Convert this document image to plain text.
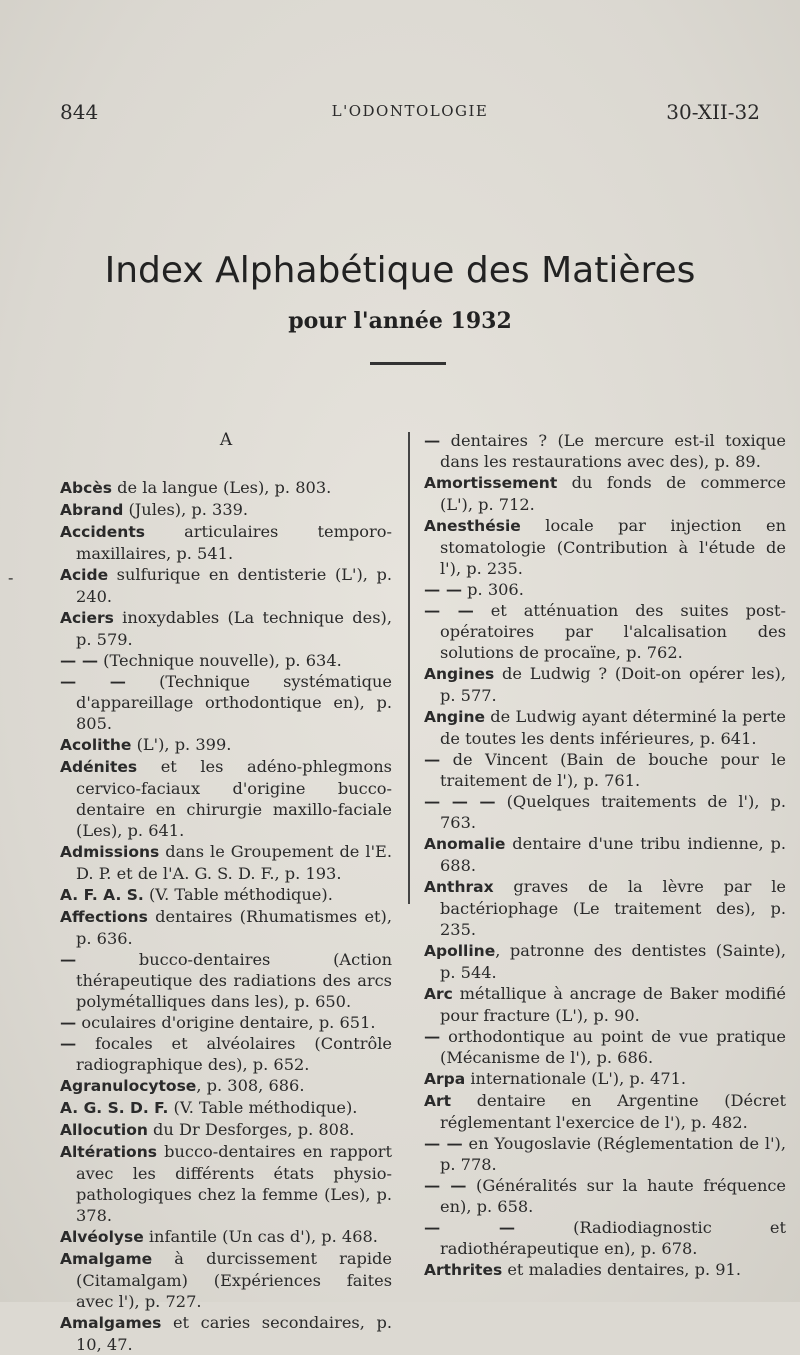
844	L'ODONTOLOGIE	30-XII-32
Index Alphabétique des Matières
pour l'année 1932
-
A

Abcès de la langue (Les), p. 803.

Abrand (Jules), p. 339.

Accidents articulaires temporo-maxillaires, p. 541.

Acide sulfurique en dentisterie (L'), p. 240.

Aciers inoxydables (La technique des), p. 579.

— — (Technique nouvelle), p. 634.

— — (Technique systématique d'appareillage orthodontique en), p. 805.

Acolithe (L'), p. 399.

Adénites et les adéno-phlegmons cervico-faciaux d'origine bucco-dentaire en chirurgie maxillo-faciale (Les), p. 641.

Admissions dans le Groupement de l'E. D. P. et de l'A. G. S. D. F., p. 193.

A. F. A. S. (V. Table méthodique).

Affections dentaires (Rhumatismes et), p. 636.

— bucco-dentaires (Action thérapeutique des radiations des arcs polymétalliques dans les), p. 650.

— oculaires d'origine dentaire, p. 651.

— focales et alvéolaires (Contrôle radiographique des), p. 652.

Agranulocytose, p. 308, 686.

A. G. S. D. F. (V. Table méthodique).

Allocution du Dr Desforges, p. 808.

Altérations bucco-dentaires en rapport avec les différents états physio-pathologiques chez la femme (Les), p. 378.

Alvéolyse infantile (Un cas d'), p. 468.

Amalgame à durcissement rapide (Citamalgam) (Expériences faites avec l'), p. 727.

Amalgames et caries secondaires, p. 10, 47.

— dentaires ? (Le mercure est-il toxique dans les restaurations avec des), p. 89.

Amortissement du fonds de commerce (L'), p. 712.

Anesthésie locale par injection en stomatologie (Contribution à l'étude de l'), p. 235.

— — p. 306.

— — et atténuation des suites post-opératoires par l'alcalisation des solutions de procaïne, p. 762.

Angines de Ludwig ? (Doit-on opérer les), p. 577.

Angine de Ludwig ayant déterminé la perte de toutes les dents inférieures, p. 641.

— de Vincent (Bain de bouche pour le traitement de l'), p. 761.

— — — (Quelques traitements de l'), p. 763.

Anomalie dentaire d'une tribu indienne, p. 688.

Anthrax graves de la lèvre par le bactériophage (Le traitement des), p. 235.

Apolline, patronne des dentistes (Sainte), p. 544.

Arc métallique à ancrage de Baker modifié pour fracture (L'), p. 90.

— orthodontique au point de vue pratique (Mécanisme de l'), p. 686.

Arpa internationale (L'), p. 471.

Art dentaire en Argentine (Décret réglementant l'exercice de l'), p. 482.

— — en Yougoslavie (Réglementation de l'), p. 778.

— — (Généralités sur la haute fréquence en), p. 658.

— — (Radiodiagnostic et radiothérapeutique en), p. 678.

Arthrites et maladies dentaires, p. 91.
